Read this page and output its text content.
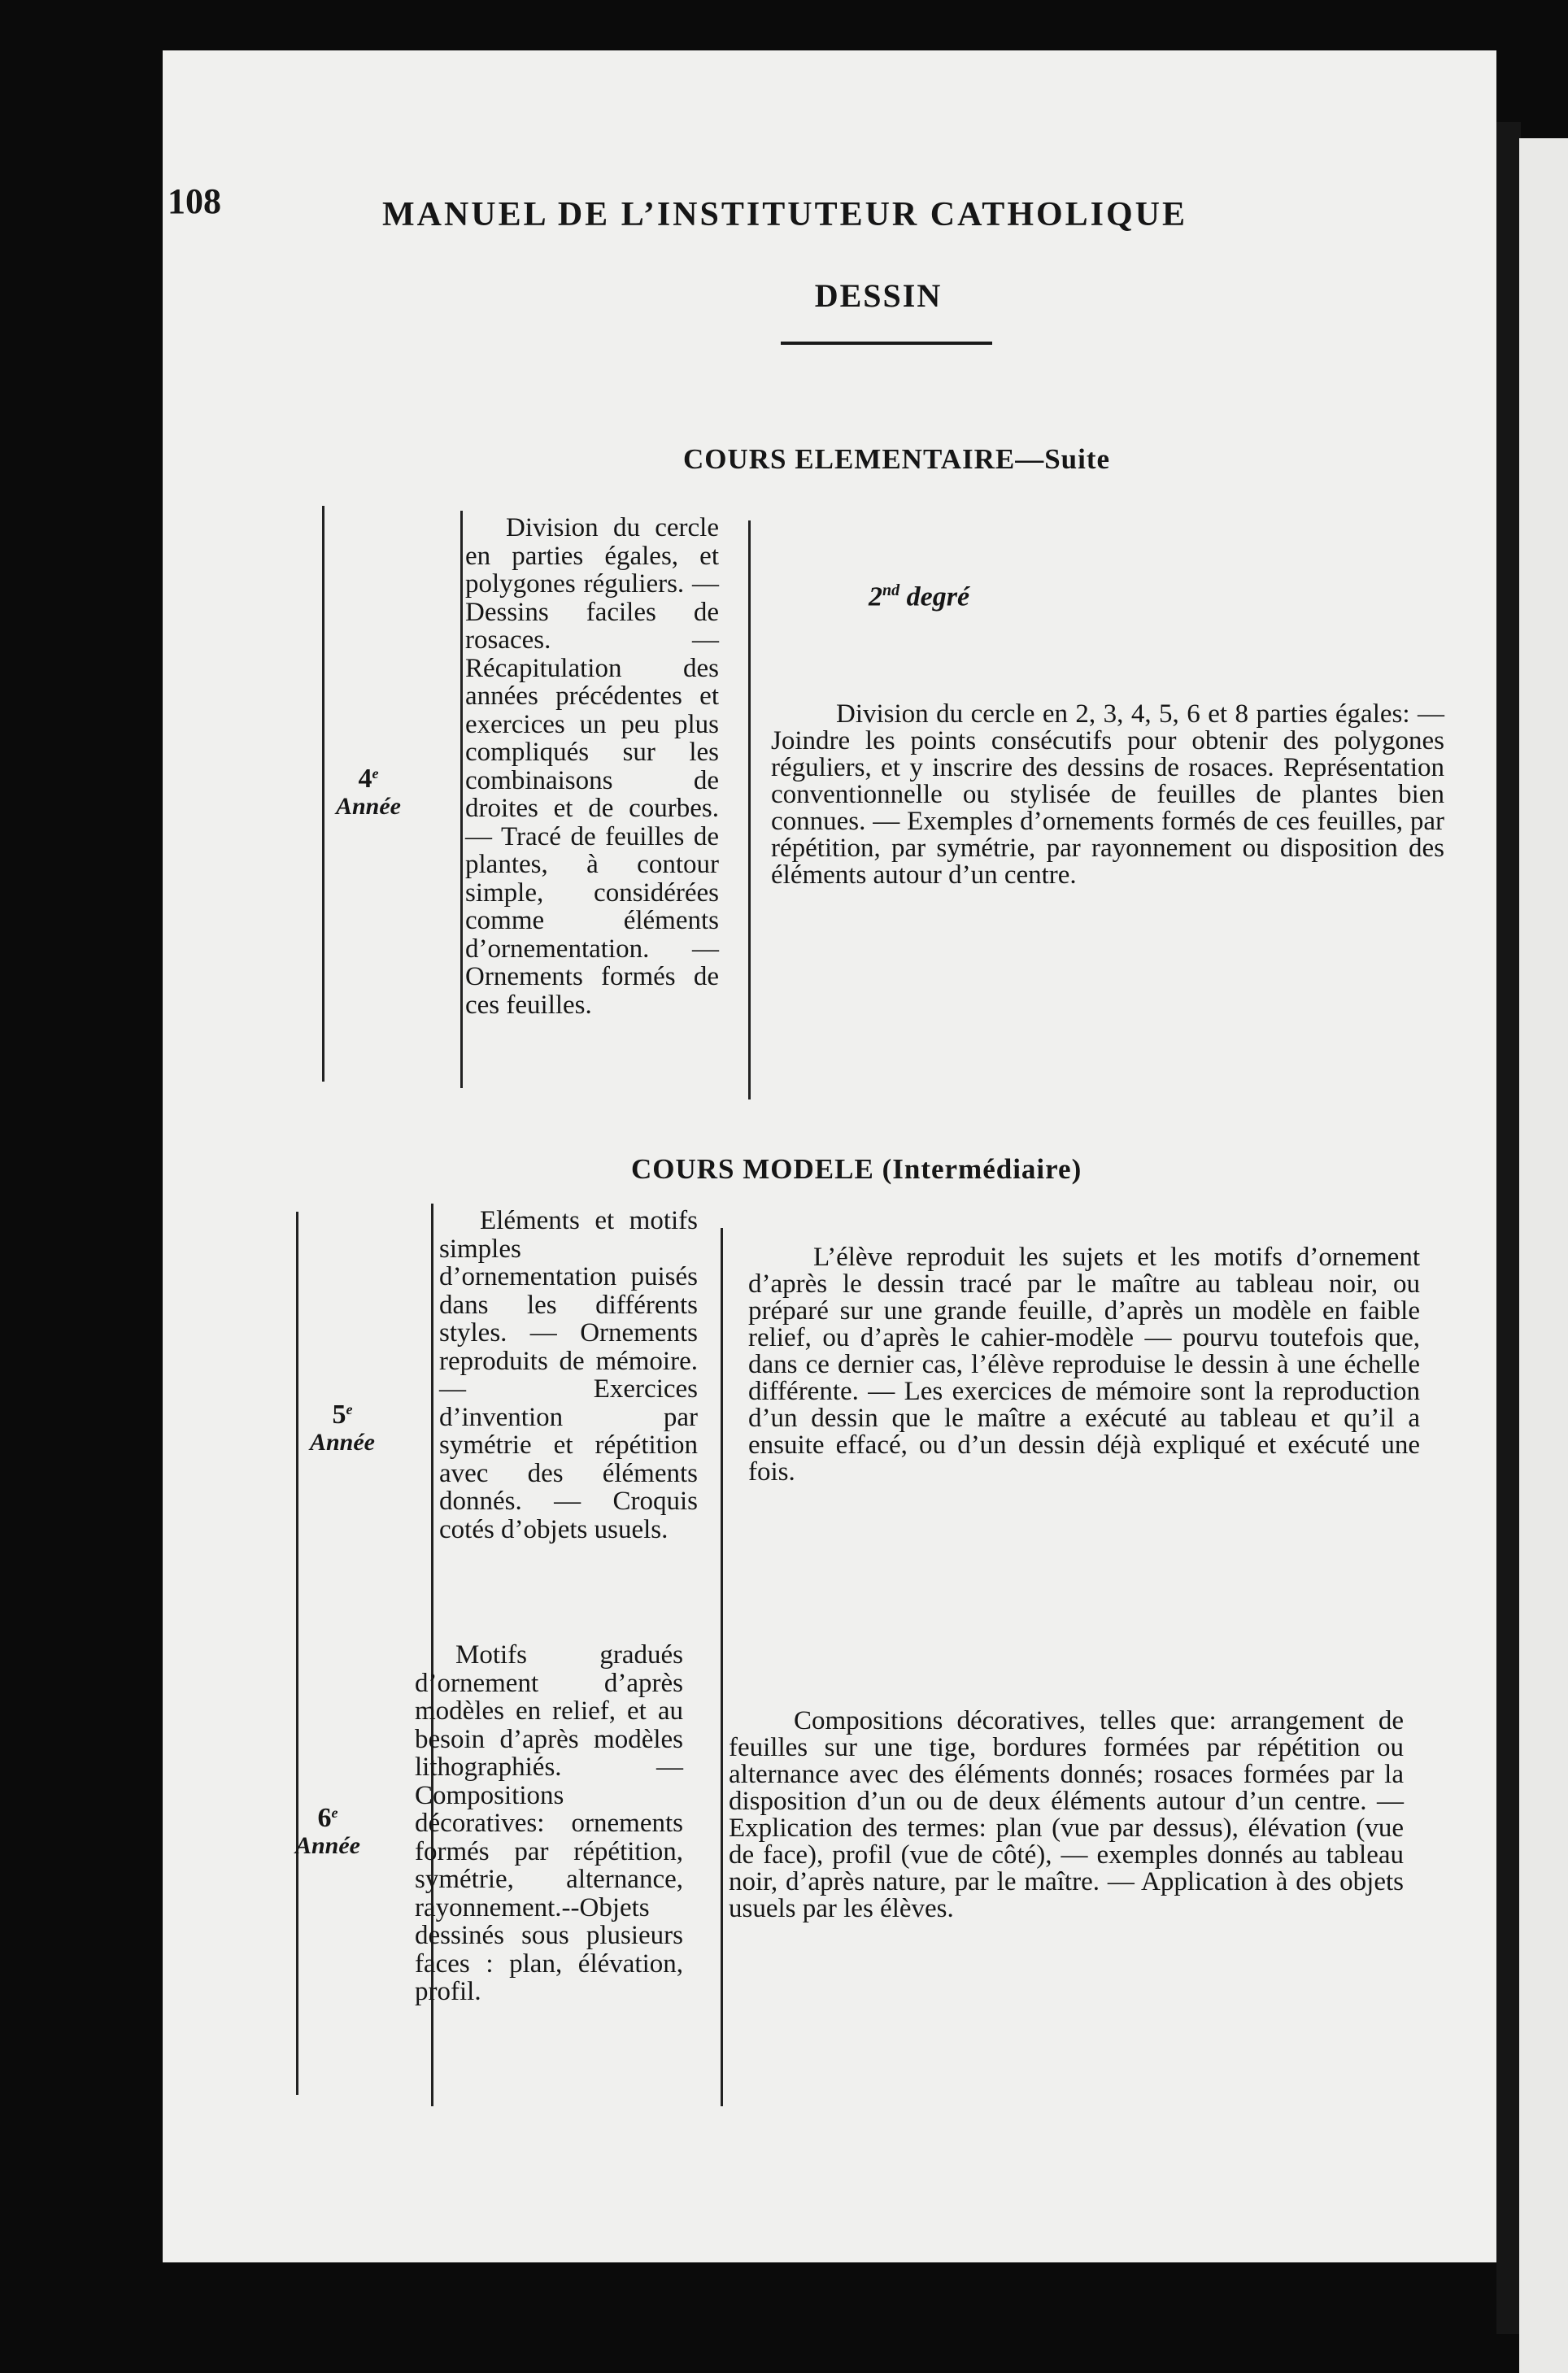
108	MANUEL DE L’INSTITUTEUR CATHOLIQUE
DESSIN
COURS ELEMENTAIRE—Suite
4e
Année

Division du cercle en parties égales, et polygones réguliers. — Dessins faciles de rosaces. — Récapitulation des années précédentes et exercices un peu plus compliqués sur les combinaisons de droites et de courbes. — Tracé de feuilles de plantes, à contour simple, considérées comme éléments d’ornementation. — Ornements formés de ces feuilles.

2nd degré

Division du cercle en 2, 3, 4, 5, 6 et 8 parties égales: — Joindre les points consécutifs pour obtenir des polygones réguliers, et y inscrire des dessins de rosaces. Représentation conventionnelle ou stylisée de feuilles de plantes bien connues. — Exemples d’ornements formés de ces feuilles, par répétition, par symétrie, par rayonnement ou disposition des éléments autour d’un centre.

COURS MODELE (Intermédiaire)
5e
Année

Eléments et motifs simples d’ornementation puisés dans les différents styles. — Ornements reproduits de mémoire. — Exercices d’invention par symétrie et répétition avec des éléments donnés. — Croquis cotés d’objets usuels.

L’élève reproduit les sujets et les motifs d’ornement d’après le dessin tracé par le maître au tableau noir, ou préparé sur une grande feuille, d’après un modèle en faible relief, ou d’après le cahier-modèle — pourvu toutefois que, dans ce dernier cas, l’élève reproduise le dessin à une échelle différente. — Les exercices de mémoire sont la reproduction d’un dessin que le maître a exécuté au tableau et qu’il a ensuite effacé, ou d’un dessin déjà expliqué et exécuté une fois.

6e
Année

Motifs gradués d’ornement d’après modèles en relief, et au besoin d’après modèles lithographiés. — Compositions décoratives: ornements formés par répétition, symétrie, alternance, rayonnement.--Objets dessinés sous plusieurs faces : plan, élévation, profil.

Compositions décoratives, telles que: arrangement de feuilles sur une tige, bordures formées par répétition ou alternance avec des éléments donnés; rosaces formées par la disposition d’un ou de deux éléments autour d’un centre. — Explication des termes: plan (vue par dessus), élévation (vue de face), profil (vue de côté), — exemples donnés au tableau noir, d’après nature, par le maître. — Application à des objets usuels par les élèves.
